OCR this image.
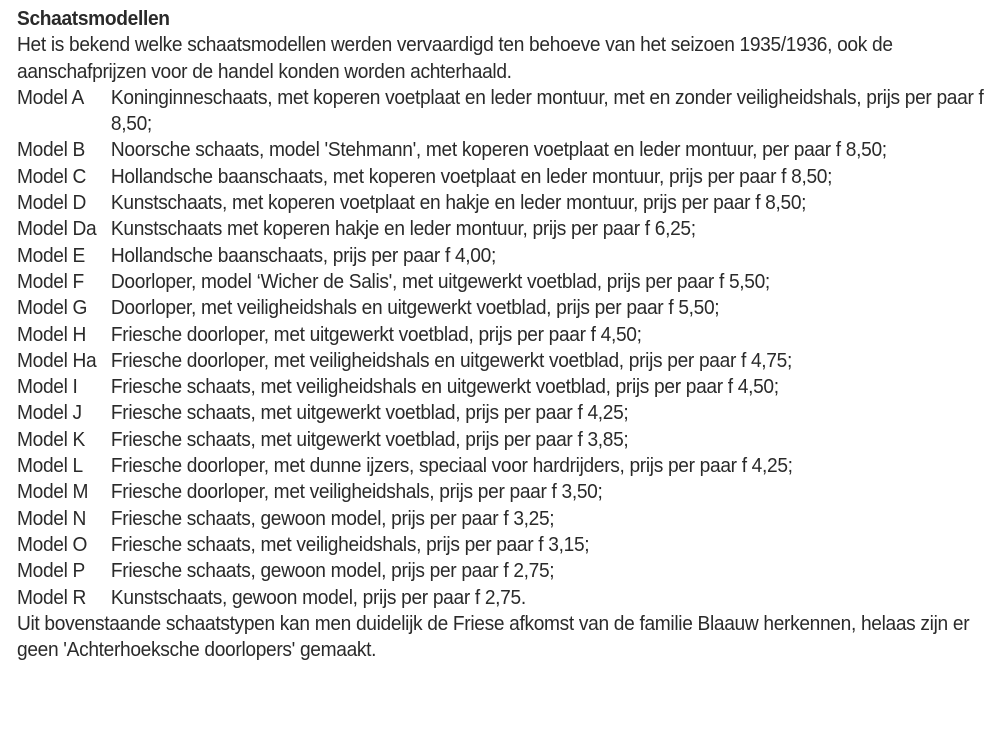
Schaatsmodellen

Het is bekend welke schaatsmodellen werden vervaardigd ten behoeve van het seizoen 1935/1936, ook de aanschafprijzen voor de handel konden worden achterhaald.

Model A	Koninginneschaats, met koperen voetplaat en leder montuur, met en zonder veiligheidshals, prijs per paar f 8,50;
Model B	Noorsche schaats, model 'Stehmann', met koperen voetplaat en leder montuur, per paar f 8,50;
Model C	Hollandsche baanschaats, met koperen voetplaat en leder montuur, prijs per paar f 8,50;
Model D	Kunstschaats, met koperen voetplaat en hakje en leder montuur, prijs per paar f 8,50;
Model Da Kunstschaats met koperen hakje en leder montuur, prijs per paar f 6,25;
Model E	Hollandsche baanschaats, prijs per paar f 4,00;
Model F	Doorloper, model ‘Wicher de Salis', met uitgewerkt voetblad, prijs per paar f 5,50;
Model G	Doorloper, met veiligheidshals en uitgewerkt voetblad, prijs per paar f 5,50;
Model H	Friesche doorloper, met uitgewerkt voetblad, prijs per paar f 4,50;
Model Ha Friesche doorloper, met veiligheidshals en uitgewerkt voetblad, prijs per paar f 4,75;
Model I	Friesche schaats, met veiligheidshals en uitgewerkt voetblad, prijs per paar f 4,50;
Model J	Friesche schaats, met uitgewerkt voetblad, prijs per paar f 4,25;
Model K	Friesche schaats, met uitgewerkt voetblad, prijs per paar f 3,85;
Model L	Friesche doorloper, met dunne ijzers, speciaal voor hardrijders, prijs per paar f 4,25;
Model M	Friesche doorloper, met veiligheidshals, prijs per paar f 3,50;
Model N	Friesche schaats, gewoon model, prijs per paar f 3,25;
Model O	Friesche schaats, met veiligheidshals, prijs per paar f 3,15;
Model P	Friesche schaats, gewoon model, prijs per paar f 2,75;
Model R	Kunstschaats, gewoon model, prijs per paar f 2,75.

Uit bovenstaande schaatstypen kan men duidelijk de Friese afkomst van de familie Blaauw herkennen, helaas zijn er geen 'Achterhoeksche doorlopers' gemaakt.
